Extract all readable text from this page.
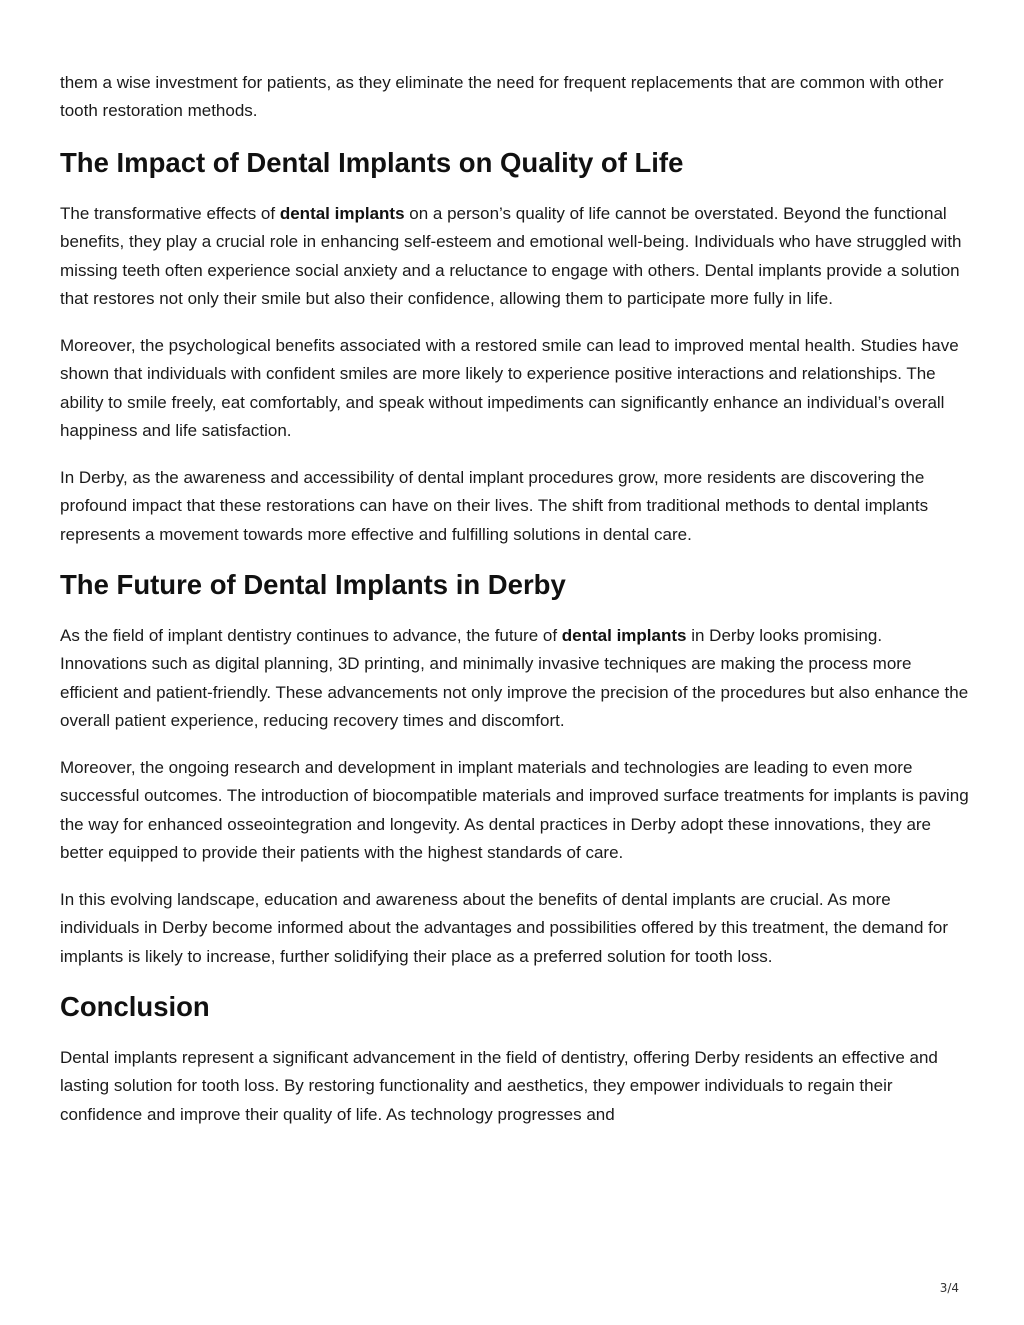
them a wise investment for patients, as they eliminate the need for frequent replacements that are common with other tooth restoration methods.

The Impact of Dental Implants on Quality of Life

The transformative effects of dental implants on a person’s quality of life cannot be overstated. Beyond the functional benefits, they play a crucial role in enhancing self-esteem and emotional well-being. Individuals who have struggled with missing teeth often experience social anxiety and a reluctance to engage with others. Dental implants provide a solution that restores not only their smile but also their confidence, allowing them to participate more fully in life.

Moreover, the psychological benefits associated with a restored smile can lead to improved mental health. Studies have shown that individuals with confident smiles are more likely to experience positive interactions and relationships. The ability to smile freely, eat comfortably, and speak without impediments can significantly enhance an individual’s overall happiness and life satisfaction.

In Derby, as the awareness and accessibility of dental implant procedures grow, more residents are discovering the profound impact that these restorations can have on their lives. The shift from traditional methods to dental implants represents a movement towards more effective and fulfilling solutions in dental care.

The Future of Dental Implants in Derby

As the field of implant dentistry continues to advance, the future of dental implants in Derby looks promising. Innovations such as digital planning, 3D printing, and minimally invasive techniques are making the process more efficient and patient-friendly. These advancements not only improve the precision of the procedures but also enhance the overall patient experience, reducing recovery times and discomfort.

Moreover, the ongoing research and development in implant materials and technologies are leading to even more successful outcomes. The introduction of biocompatible materials and improved surface treatments for implants is paving the way for enhanced osseointegration and longevity. As dental practices in Derby adopt these innovations, they are better equipped to provide their patients with the highest standards of care.

In this evolving landscape, education and awareness about the benefits of dental implants are crucial. As more individuals in Derby become informed about the advantages and possibilities offered by this treatment, the demand for implants is likely to increase, further solidifying their place as a preferred solution for tooth loss.

Conclusion

Dental implants represent a significant advancement in the field of dentistry, offering Derby residents an effective and lasting solution for tooth loss. By restoring functionality and aesthetics, they empower individuals to regain their confidence and improve their quality of life. As technology progresses and

3/4
